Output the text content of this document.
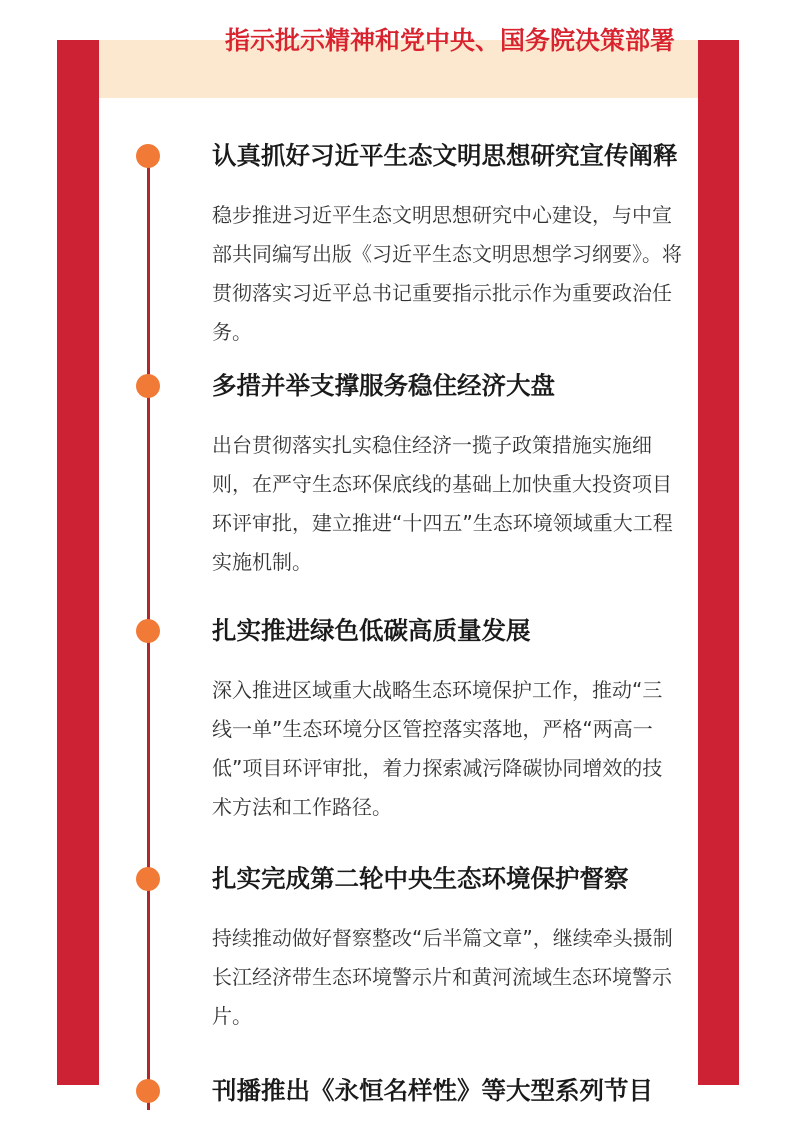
指示批示精神和党中央、国务院决策部署

认真抓好习近平生态文明思想研究宣传阐释

稳步推进习近平生态文明思想研究中心建设，与中宣部共同编写出版《习近平生态文明思想学习纲要》。将贯彻落实习近平总书记重要指示批示作为重要政治任务。

多措并举支撑服务稳住经济大盘

出台贯彻落实扎实稳住经济一揽子政策措施实施细则，在严守生态环保底线的基础上加快重大投资项目环评审批，建立推进“十四五”生态环境领域重大工程实施机制。

扎实推进绿色低碳高质量发展

深入推进区域重大战略生态环境保护工作，推动“三线一单”生态环境分区管控落实落地，严格“两高一低”项目环评审批，着力探索减污降碳协同增效的技术方法和工作路径。

扎实完成第二轮中央生态环境保护督察

持续推动做好督察整改“后半篇文章”，继续牵头摄制长江经济带生态环境警示片和黄河流域生态环境警示片。

刊播推出《永恒名样性》等大型系列节目
